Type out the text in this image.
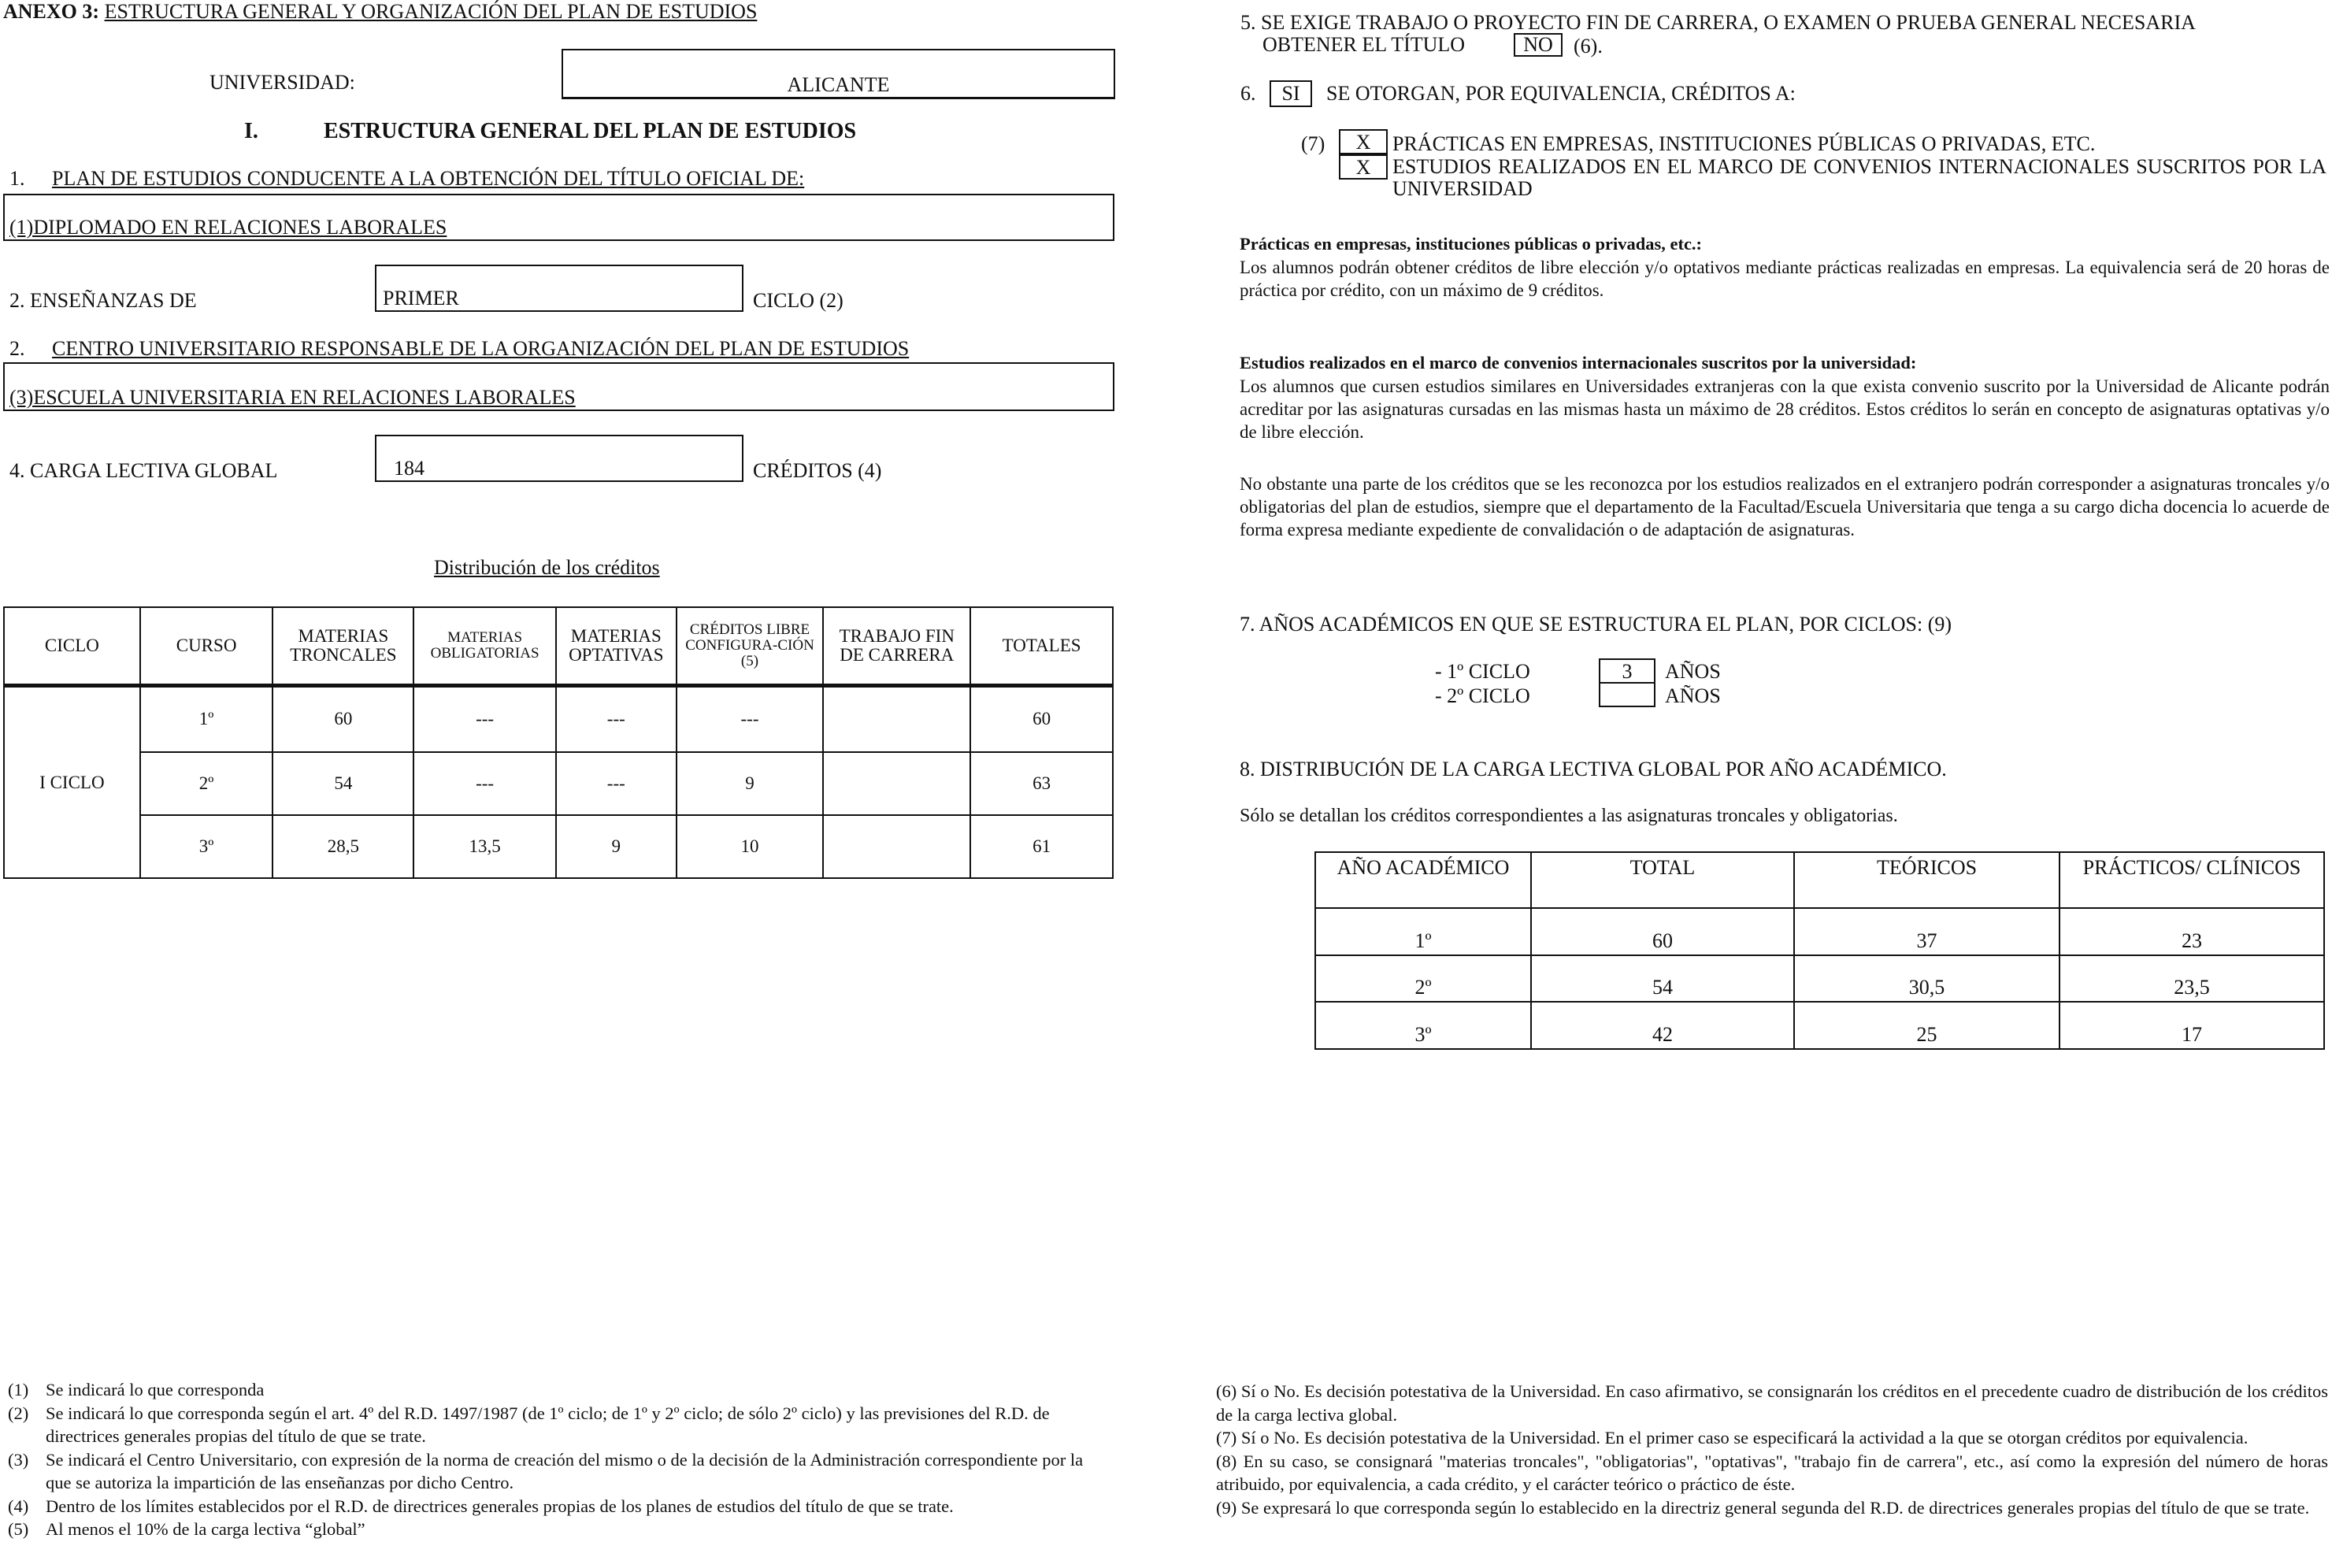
ANEXO 3: ESTRUCTURA GENERAL Y ORGANIZACIÓN DEL PLAN DE ESTUDIOS
UNIVERSIDAD:	ALICANTE
I.	ESTRUCTURA GENERAL DEL PLAN DE ESTUDIOS
1. PLAN DE ESTUDIOS CONDUCENTE A LA OBTENCIÓN DEL TÍTULO OFICIAL DE:
(1)DIPLOMADO EN RELACIONES LABORALES
2. ENSEÑANZAS DE	PRIMER	CICLO (2)
2. CENTRO UNIVERSITARIO RESPONSABLE DE LA ORGANIZACIÓN DEL PLAN DE ESTUDIOS
(3)ESCUELA UNIVERSITARIA EN RELACIONES LABORALES
4. CARGA LECTIVA GLOBAL	184	CRÉDITOS (4)
Distribución de los créditos
CICLO	CURSO	MATERIAS TRONCALES	MATERIAS OBLIGATORIAS	MATERIAS OPTATIVAS	CRÉDITOS LIBRE CONFIGURA-CIÓN (5)	TRABAJO FIN DE CARRERA	TOTALES
I CICLO	1º	60	---	---	---		60
	2º	54	---	---	9		63
	3º	28,5	13,5	9	10		61
5. SE EXIGE TRABAJO O PROYECTO FIN DE CARRERA, O EXAMEN O PRUEBA GENERAL NECESARIA
OBTENER EL TÍTULO	NO	(6).
6.	SI	SE OTORGAN, POR EQUIVALENCIA, CRÉDITOS A:
(7)	X	PRÁCTICAS EN EMPRESAS, INSTITUCIONES PÚBLICAS O PRIVADAS, ETC.
X	ESTUDIOS REALIZADOS EN EL MARCO DE CONVENIOS INTERNACIONALES SUSCRITOS POR LA UNIVERSIDAD
Prácticas en empresas, instituciones públicas o privadas, etc.:
Los alumnos podrán obtener créditos de libre elección y/o optativos mediante prácticas realizadas en empresas. La equivalencia será de 20 horas de práctica por crédito, con un máximo de 9 créditos.
Estudios realizados en el marco de convenios internacionales suscritos por la universidad:
Los alumnos que cursen estudios similares en Universidades extranjeras con la que exista convenio suscrito por la Universidad de Alicante podrán acreditar por las asignaturas cursadas en las mismas hasta un máximo de 28 créditos. Estos créditos lo serán en concepto de asignaturas optativas y/o de libre elección.
No obstante una parte de los créditos que se les reconozca por los estudios realizados en el extranjero podrán corresponder a asignaturas troncales y/o obligatorias del plan de estudios, siempre que el departamento de la Facultad/Escuela Universitaria que tenga a su cargo dicha docencia lo acuerde de forma expresa mediante expediente de convalidación o de adaptación de asignaturas.
7. AÑOS ACADÉMICOS EN QUE SE ESTRUCTURA EL PLAN, POR CICLOS: (9)
- 1º CICLO	3	AÑOS
- 2º CICLO	AÑOS
8. DISTRIBUCIÓN DE LA CARGA LECTIVA GLOBAL POR AÑO ACADÉMICO.
Sólo se detallan los créditos correspondientes a las asignaturas troncales y obligatorias.
AÑO ACADÉMICO	TOTAL	TEÓRICOS	PRÁCTICOS/ CLÍNICOS
1º	60	37	23
2º	54	30,5	23,5
3º	42	25	17
(1) Se indicará lo que corresponda
(2) Se indicará lo que corresponda según el art. 4º del R.D. 1497/1987 (de 1º ciclo; de 1º y 2º ciclo; de sólo 2º ciclo) y las previsiones del R.D. de directrices generales propias del título de que se trate.
(3) Se indicará el Centro Universitario, con expresión de la norma de creación del mismo o de la decisión de la Administración correspondiente por la que se autoriza la impartición de las enseñanzas por dicho Centro.
(4) Dentro de los límites establecidos por el R.D. de directrices generales propias de los planes de estudios del título de que se trate.
(5) Al menos el 10% de la carga lectiva “global”
(6) Sí o No. Es decisión potestativa de la Universidad. En caso afirmativo, se consignarán los créditos en el precedente cuadro de distribución de los créditos de la carga lectiva global.
(7) Sí o No. Es decisión potestativa de la Universidad. En el primer caso se especificará la actividad a la que se otorgan créditos por equivalencia.
(8) En su caso, se consignará "materias troncales", "obligatorias", "optativas", "trabajo fin de carrera", etc., así como la expresión del número de horas atribuido, por equivalencia, a cada crédito, y el carácter teórico o práctico de éste.
(9) Se expresará lo que corresponda según lo establecido en la directriz general segunda del R.D. de directrices generales propias del título de que se trate.
